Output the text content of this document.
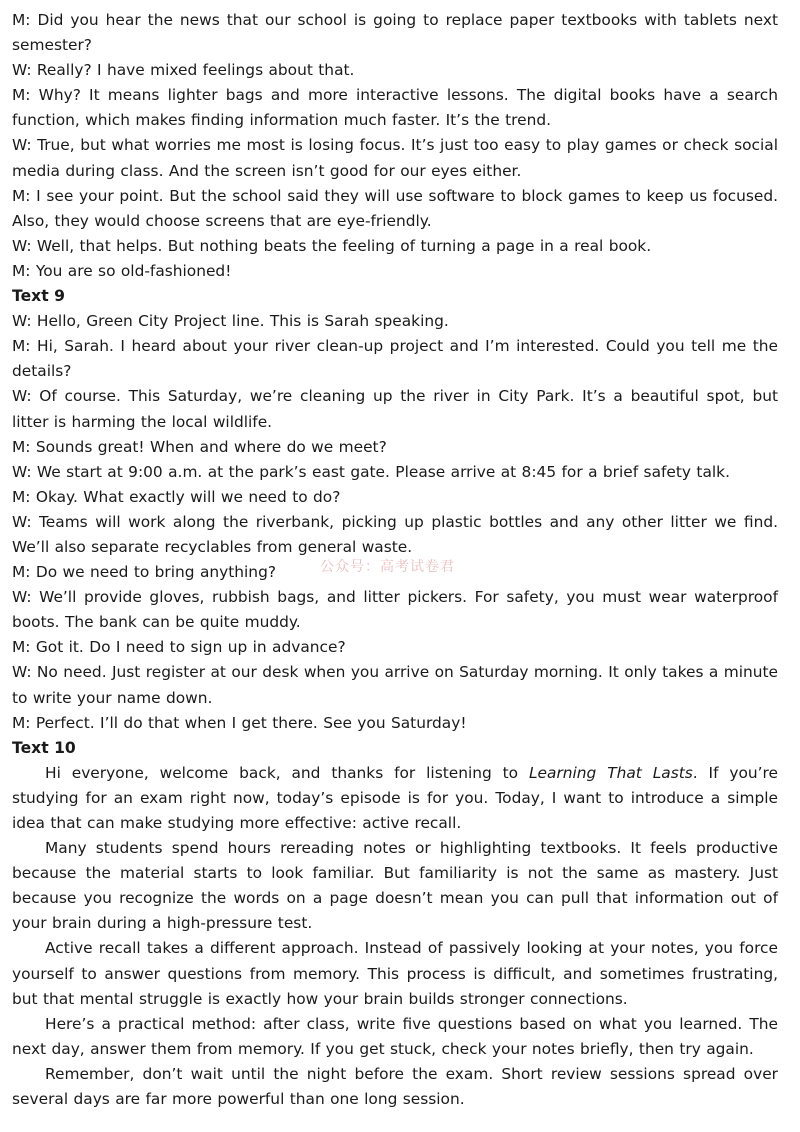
M: Did you hear the news that our school is going to replace paper textbooks with tablets next semester?

W: Really? I have mixed feelings about that.

M: Why? It means lighter bags and more interactive lessons. The digital books have a search function, which makes finding information much faster. It’s the trend.

W: True, but what worries me most is losing focus. It’s just too easy to play games or check social media during class. And the screen isn’t good for our eyes either.

M: I see your point. But the school said they will use software to block games to keep us focused. Also, they would choose screens that are eye-friendly.

W: Well, that helps. But nothing beats the feeling of turning a page in a real book.

M: You are so old-fashioned!

Text 9

W: Hello, Green City Project line. This is Sarah speaking.

M: Hi, Sarah. I heard about your river clean-up project and I’m interested. Could you tell me the details?

W: Of course. This Saturday, we’re cleaning up the river in City Park. It’s a beautiful spot, but litter is harming the local wildlife.

M: Sounds great! When and where do we meet?

W: We start at 9:00 a.m. at the park’s east gate. Please arrive at 8:45 for a brief safety talk.

M: Okay. What exactly will we need to do?

W: Teams will work along the riverbank, picking up plastic bottles and any other litter we find. We’ll also separate recyclables from general waste.

M: Do we need to bring anything?

W: We’ll provide gloves, rubbish bags, and litter pickers. For safety, you must wear waterproof boots. The bank can be quite muddy.

M: Got it. Do I need to sign up in advance?

W: No need. Just register at our desk when you arrive on Saturday morning. It only takes a minute to write your name down.

M: Perfect. I’ll do that when I get there. See you Saturday!

Text 10

Hi everyone, welcome back, and thanks for listening to Learning That Lasts. If you’re studying for an exam right now, today’s episode is for you. Today, I want to introduce a simple idea that can make studying more effective: active recall.

Many students spend hours rereading notes or highlighting textbooks. It feels productive because the material starts to look familiar. But familiarity is not the same as mastery. Just because you recognize the words on a page doesn’t mean you can pull that information out of your brain during a high-pressure test.

Active recall takes a different approach. Instead of passively looking at your notes, you force yourself to answer questions from memory. This process is difficult, and sometimes frustrating, but that mental struggle is exactly how your brain builds stronger connections.

Here’s a practical method: after class, write five questions based on what you learned. The next day, answer them from memory. If you get stuck, check your notes briefly, then try again.

Remember, don’t wait until the night before the exam. Short review sessions spread over several days are far more powerful than one long session.

公众号：高考试卷君
